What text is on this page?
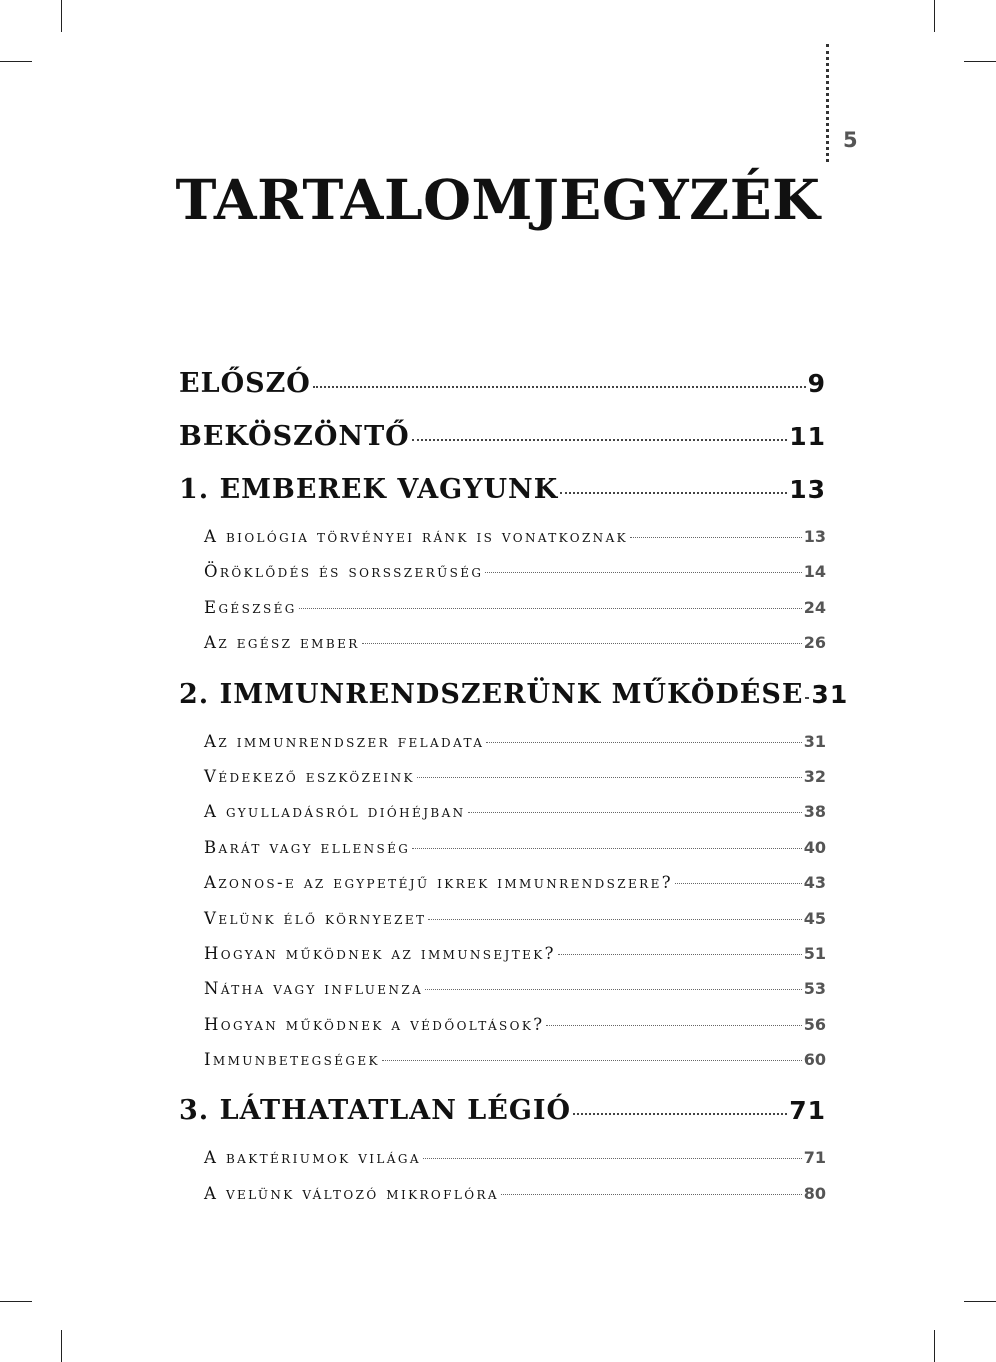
5
TARTALOMJEGYZÉK
ELŐSZÓ	9
BEKÖSZÖNTŐ	11
1. EMBEREK VAGYUNK	13
A biológia törvényei ránk is vonatkoznak	13
Öröklődés és sorsszerűség	14
Egészség	24
Az egész ember	26
2. IMMUNRENDSZERÜNK MŰKÖDÉSE 31
Az immunrendszer feladata	31
Védekező eszközeink	32
A gyulladásról dióhéjban	38
Barát vagy ellenség	40
Azonos-e az egypetéjű ikrek immunrendszere?	43
Velünk élő környezet	45
Hogyan működnek az immunsejtek?	51
Nátha vagy influenza	53
Hogyan működnek a védőoltások?	56
Immunbetegségek	60
3. LÁTHATATLAN LÉGIÓ	71
A baktériumok világa	71
A velünk változó mikroflóra	80
